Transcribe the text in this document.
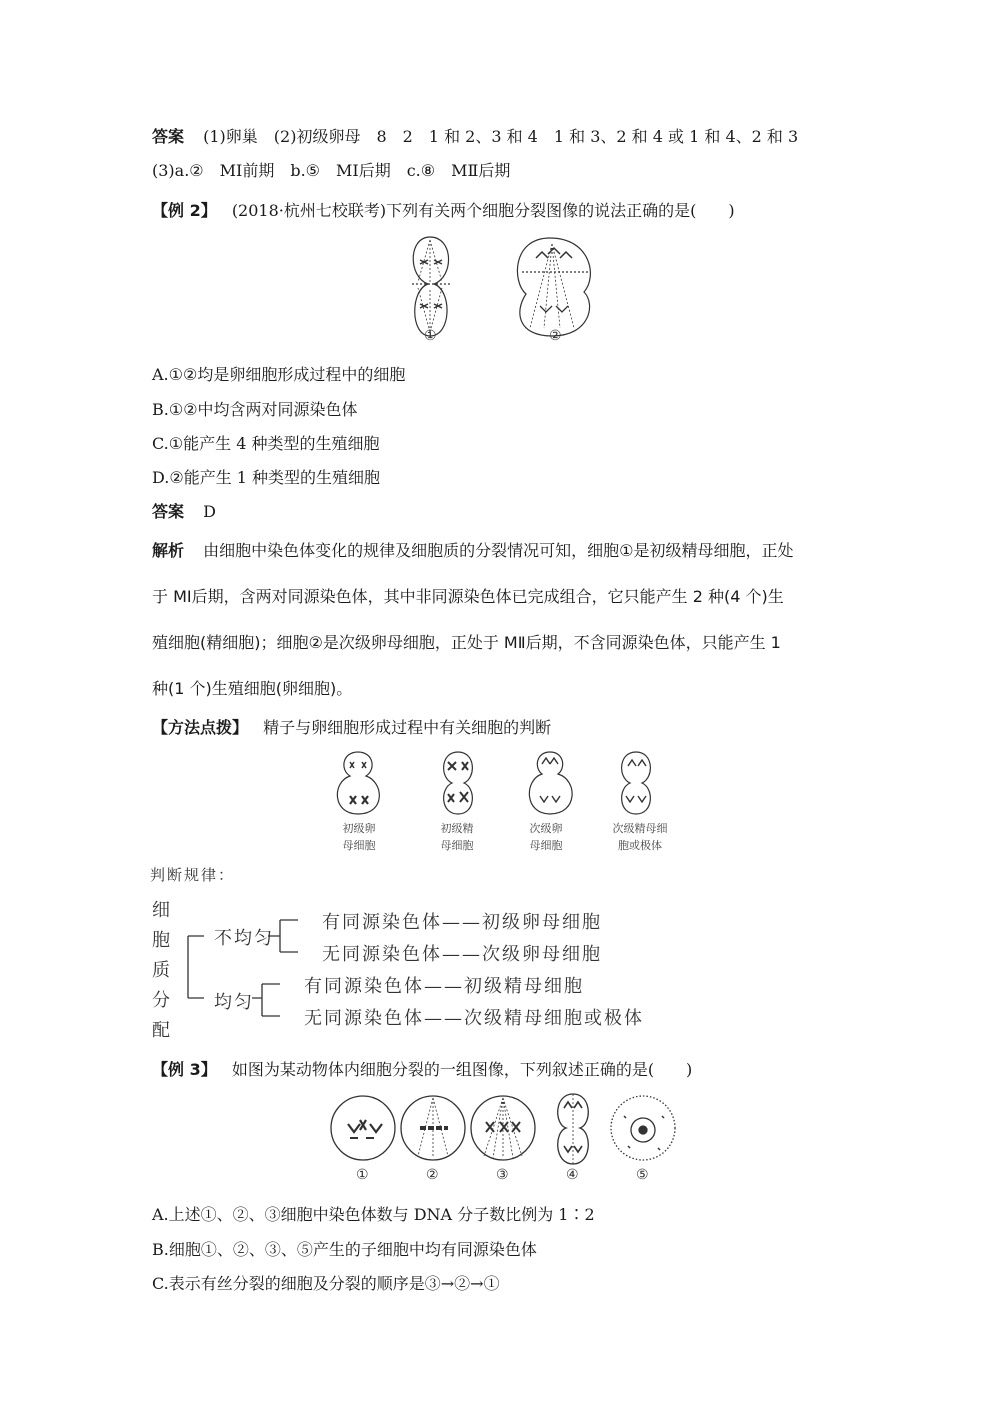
答案 (1)卵巢　(2)初级卵母　8　2　1 和 2、3 和 4　1 和 3、2 和 4 或 1 和 4、2 和 3
(3)a.②　MⅠ前期　b.⑤　MⅠ后期　c.⑧　MⅡ后期
【例 2】 (2018·杭州七校联考)下列有关两个细胞分裂图像的说法正确的是(　　)
①	②
A.①②均是卵细胞形成过程中的细胞
B.①②中均含两对同源染色体
C.①能产生 4 种类型的生殖细胞
D.②能产生 1 种类型的生殖细胞
答案 D
解析 由细胞中染色体变化的规律及细胞质的分裂情况可知，细胞①是初级精母细胞，正处
于 MⅠ后期，含两对同源染色体，其中非同源染色体已完成组合，它只能产生 2 种(4 个)生
殖细胞(精细胞)；细胞②是次级卵母细胞，正处于 MⅡ后期，不含同源染色体，只能产生 1
种(1 个)生殖细胞(卵细胞)。
【方法点拨】 精子与卵细胞形成过程中有关细胞的判断
初级卵
母细胞
初级精
母细胞
次级卵
母细胞
次级精母细
胞或极体
判断规律：
细
胞
质
分
配
不均匀
均匀
有同源染色体——初级卵母细胞
无同源染色体——次级卵母细胞
有同源染色体——初级精母细胞
无同源染色体——次级精母细胞或极体
【例 3】 如图为某动物体内细胞分裂的一组图像，下列叙述正确的是(　　)
①	②	③	④	⑤
A.上述①、②、③细胞中染色体数与 DNA 分子数比例为 1∶2
B.细胞①、②、③、⑤产生的子细胞中均有同源染色体
C.表示有丝分裂的细胞及分裂的顺序是③→②→①
